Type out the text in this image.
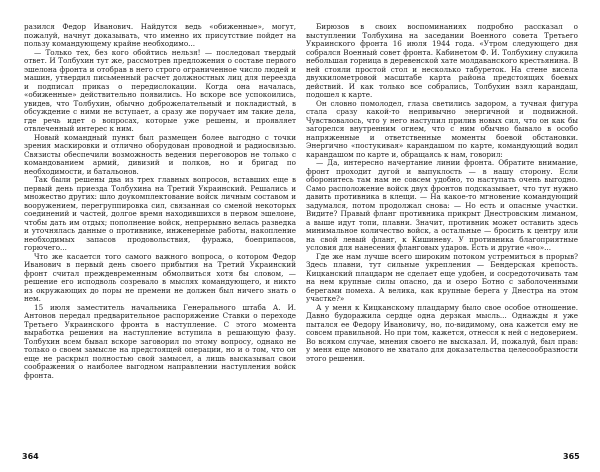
разился Федор Иванович. Найдутся ведь «обиженные», могут, пожалуй, начнут доказывать, что именно их присутствие пойдет на пользу командующему крайне необходимо...

— Только тех, без кого обойтись нельзя! — последовал твердый ответ. И Толбухин тут же, рассмотрев предложения о составе первого эшелона фронта и отобрав в него строго ограниченное число людей и машин, утвердил письменный расчет должностных лиц для переезда и подписал приказ о передислокации. Когда она началась, «обиженные» действительно появились. Но вскоре все успокоились, увидев, что Толбухин, обычно доброжелательный и покладистый, в обсуждение с ними не вступает, а сразу же поручает им такие дела, где речь идет о вопросах, которые уже решены, и проявляет отвлеченный интерес к ним.

Новый командный пункт был размещен более выгодно с точки зрения маскировки и отлично оборудован проводной и радиосвязью. Связисты обеспечили возможность ведения переговоров не только с командованием армий, дивизий и полков, но и бригад по необходимости, и батальонов.

Так были решены два из трех главных вопросов, вставших еще в первый день приезда Толбухина на Третий Украинский. Решались и множество других: шло доукомплектование войск личным составом и вооружением, перегруппировка сил, связанная со сменой некоторых соединений и частей, долгое время находившихся в первом эшелоне, чтобы дать им отдых; пополнение войск, непрерывно велась разведка и уточнялась данные о противнике, инженерные работы, накопление необходимых запасов продовольствия, фуража, боеприпасов, горючего...

Что же касается того самого важного вопроса, о котором Федор Иванович в первый день своего прибытия на Третий Украинский фронт считал преждевременным обмолвиться хотя бы словом, — решение его исподволь созревало в мыслях командующего, и никто из окружающих до поры не премени не должен был ничего знать о нем.

15 июля заместитель начальника Генерального штаба А. И. Антонов передал предварительное распоряжение Ставки о переходе Третьего Украинского фронта в наступление. С этого момента выработка решения на наступление вступила в решающую фазу. Толбухин всем бывал вскоре заговорил по этому вопросу, однако не только о своем замысле на предстоящей операции, но и о том, что он еще не раскрыл полностью свой замысел, а лишь высказывал свои соображения о наиболее выгодном направлении наступления войск фронта.

Бирюзов в своих воспоминаниях подробно рассказал о выступлении Толбухина на заседании Военного совета Третьего Украинского фронта 16 июля 1944 года. «Утром следующего дня собрался Военный совет фронта. Кабинетом Ф. И. Толбухину служила небольшая горница в деревенской хате молдаванского крестьянина. В ней стояли простой стол и несколько табуреток. На стене висела двухкилометровой масштабе карта района предстоящих боевых действий. И как только все собрались, Толбухин взял карандаш, подошел к карте.

Он словно помолодел, глаза светились задором, а тучная фигура стала сразу какой-то непривычно энергичной и подвижной. Чувствовалось, что у него наступил прилив новых сил, что он как бы загорелся внутренним огнем, что с ним обычно бывало в особо напряженные и ответственные моменты боевой обстановки. Энергично «постукивая» карандашом по карте, командующий водил карандашом по карте и, обращаясь к нам, говорил:

— Да, интересно начертание линии фронта. Обратите внимание, фронт проходит дугой и выпуклость — в нашу сторону. Если оборонитесь там нам не совсем удобно, то наступать очень выгодно. Само расположение войск двух фронтов подсказывает, что тут нужно давить противника в клещи. — На какое-то мгновение командующий задумался, потом продолжал снова: — Но есть и опасные участки. Видите? Правый фланг противника прикрыт Днестровским лиманом, а выше идут топи, плавни. Значит, противник может оставить здесь минимальное количество войск, а остальные — бросить к центру или на свой левый фланг, к Кишиневу. У противника благоприятные условия для нанесения фланговых ударов. Есть и другие «но»...

Где же нам лучше всего широким потоком устремиться в прорыв? Здесь плавни, тут сильные укрепления — Бендерская крепость. Кицканский плацдарм не сделает еще удобен, и сосредоточивать там на нем крупные силы опасно, да и озеро Ботно с заболоченными берегами помеха. А велика, как крупные берега у Днестра на этом участке?»

А у меня к Кицканскому плацдарму было свое особое отношение. Давно будоражила сердце одна дерзкая мысль... Однажды я уже пытался ее Федору Ивановичу, но, по-видимому, она кажется ему не совсем правильной. Но при том, кажется, отнесся к ней с недоверием. Во всяком случае, мнения своего не высказал. И, пожалуй, был прав: у меня еще мнового не хватало для доказательства целесообразности этого решения.

364	365
